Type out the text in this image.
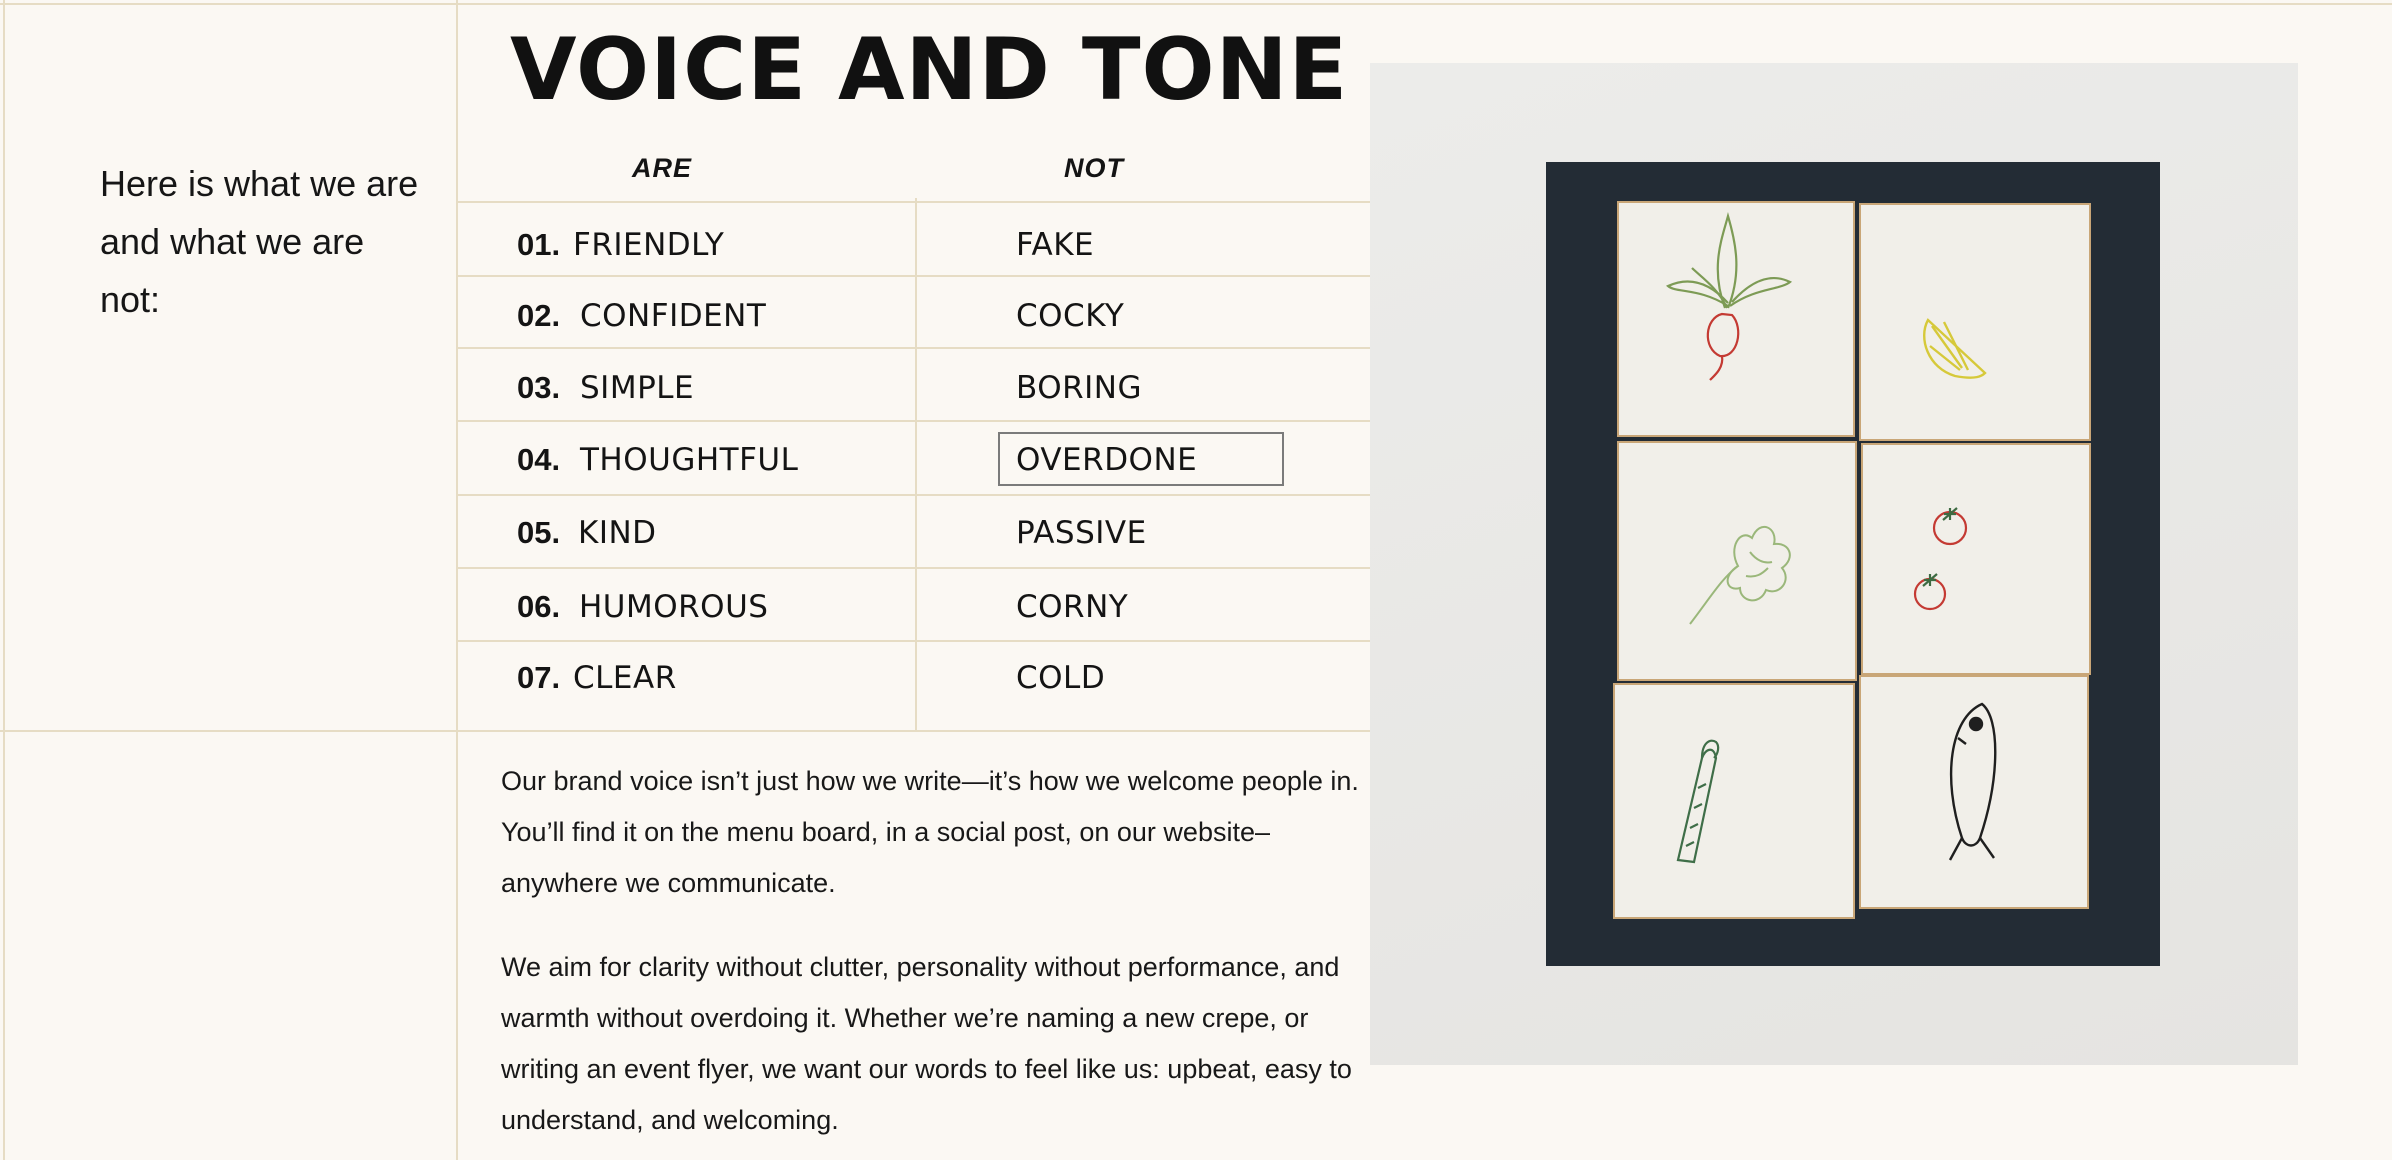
VOICE AND TONE
Here is what we are and what we are not:
ARE	NOT
01. FRIENDLY	FAKE
02. CONFIDENT	COCKY
03. SIMPLE	BORING
04. THOUGHTFUL	OVERDONE
05. KIND	PASSIVE
06. HUMOROUS	CORNY
07. CLEAR	COLD

Our brand voice isn’t just how we write—it’s how we welcome people in. You’ll find it on the menu board, in a social post, on our website–anywhere we communicate.

We aim for clarity without clutter, personality without performance, and warmth without overdoing it. Whether we’re naming a new crepe, or writing an event flyer, we want our words to feel like us: upbeat, easy to understand, and welcoming.
